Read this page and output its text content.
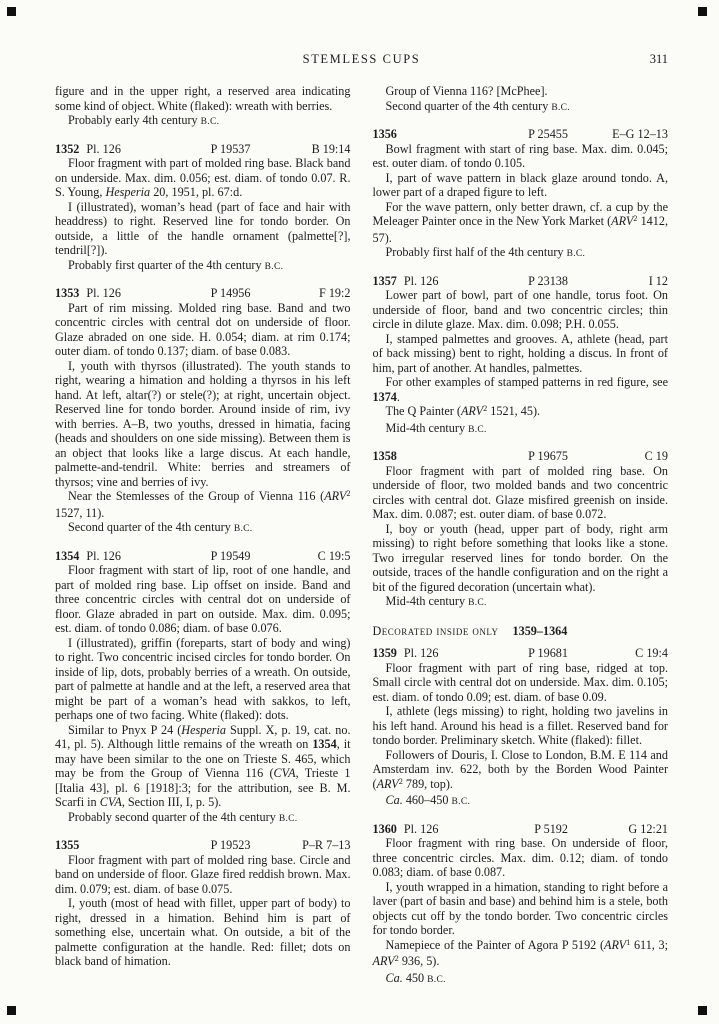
STEMLESS CUPS	311

figure and in the upper right, a reserved area indicating some kind of object. White (flaked): wreath with berries.

Probably early 4th century B.C.

1352 Pl. 126	P 19537	B 19:14

Floor fragment with part of molded ring base. Black band on underside. Max. dim. 0.056; est. diam. of tondo 0.07. R. S. Young, Hesperia 20, 1951, pl. 67:d.

I (illustrated), woman’s head (part of face and hair with headdress) to right. Reserved line for tondo border. On outside, a little of the handle ornament (palmette[?], tendril[?]).

Probably first quarter of the 4th century B.C.

1353 Pl. 126	P 14956	F 19:2

Part of rim missing. Molded ring base. Band and two concentric circles with central dot on underside of floor. Glaze abraded on one side. H. 0.054; diam. at rim 0.174; outer diam. of tondo 0.137; diam. of base 0.083.

I, youth with thyrsos (illustrated). The youth stands to right, wearing a himation and holding a thyrsos in his left hand. At left, altar(?) or stele(?); at right, uncertain object. Reserved line for tondo border. Around inside of rim, ivy with berries. A–B, two youths, dressed in himatia, facing (heads and shoulders on one side missing). Between them is an object that looks like a large discus. At each handle, palmette-and-tendril. White: berries and streamers of thyrsos; vine and berries of ivy.

Near the Stemlesses of the Group of Vienna 116 (ARV$^2$ 1527, 11).

Second quarter of the 4th century B.C.

1354 Pl. 126	P 19549	C 19:5

Floor fragment with start of lip, root of one handle, and part of molded ring base. Lip offset on inside. Band and three concentric circles with central dot on underside of floor. Glaze abraded in part on outside. Max. dim. 0.095; est. diam. of tondo 0.086; diam. of base 0.076.

I (illustrated), griffin (foreparts, start of body and wing) to right. Two concentric incised circles for tondo border. On inside of lip, dots, probably berries of a wreath. On outside, part of palmette at handle and at the left, a reserved area that might be part of a woman’s head with sakkos, to left, perhaps one of two facing. White (flaked): dots.

Similar to Pnyx P 24 (Hesperia Suppl. X, p. 19, cat. no. 41, pl. 5). Although little remains of the wreath on 1354, it may have been similar to the one on Trieste S. 465, which may be from the Group of Vienna 116 (CVA, Trieste 1 [Italia 43], pl. 6 [1918]:3; for the attribution, see B. M. Scarfi in CVA, Section III, I, p. 5).

Probably second quarter of the 4th century B.C.

1355	P 19523	P–R 7–13

Floor fragment with part of molded ring base. Circle and band on underside of floor. Glaze fired reddish brown. Max. dim. 0.079; est. diam. of base 0.075.

I, youth (most of head with fillet, upper part of body) to right, dressed in a himation. Behind him is part of something else, uncertain what. On outside, a bit of the palmette configuration at the handle. Red: fillet; dots on black band of himation.

Group of Vienna 116? [McPhee].

Second quarter of the 4th century B.C.

1356	P 25455	E–G 12–13

Bowl fragment with start of ring base. Max. dim. 0.045; est. outer diam. of tondo 0.105.

I, part of wave pattern in black glaze around tondo. A, lower part of a draped figure to left.

For the wave pattern, only better drawn, cf. a cup by the Meleager Painter once in the New York Market (ARV$^2$ 1412, 57).

Probably first half of the 4th century B.C.

1357 Pl. 126	P 23138	I 12

Lower part of bowl, part of one handle, torus foot. On underside of floor, band and two concentric circles; thin circle in dilute glaze. Max. dim. 0.098; P.H. 0.055.

I, stamped palmettes and grooves. A, athlete (head, part of back missing) bent to right, holding a discus. In front of him, part of another. At handles, palmettes.

For other examples of stamped patterns in red figure, see 1374.

The Q Painter (ARV$^2$ 1521, 45).

Mid-4th century B.C.

1358	P 19675	C 19

Floor fragment with part of molded ring base. On underside of floor, two molded bands and two concentric circles with central dot. Glaze misfired greenish on inside. Max. dim. 0.087; est. outer diam. of base 0.072.

I, boy or youth (head, upper part of body, right arm missing) to right before something that looks like a stone. Two irregular reserved lines for tondo border. On the outside, traces of the handle configuration and on the right a bit of the figured decoration (uncertain what).

Mid-4th century B.C.

Decorated inside only 1359–1364
1359 Pl. 126	P 19681	C 19:4

Floor fragment with part of ring base, ridged at top. Small circle with central dot on underside. Max. dim. 0.105; est. diam. of tondo 0.09; est. diam. of base 0.09.

I, athlete (legs missing) to right, holding two javelins in his left hand. Around his head is a fillet. Reserved band for tondo border. Preliminary sketch. White (flaked): fillet.

Followers of Douris, I. Close to London, B.M. E 114 and Amsterdam inv. 622, both by the Borden Wood Painter (ARV$^2$ 789, top).

Ca. 460–450 B.C.

1360 Pl. 126	P 5192	G 12:21

Floor fragment with ring base. On underside of floor, three concentric circles. Max. dim. 0.12; diam. of tondo 0.083; diam. of base 0.087.

I, youth wrapped in a himation, standing to right before a laver (part of basin and base) and behind him is a stele, both objects cut off by the tondo border. Two concentric circles for tondo border.

Namepiece of the Painter of Agora P 5192 (ARV$^1$ 611, 3; ARV$^2$ 936, 5).

Ca. 450 B.C.
